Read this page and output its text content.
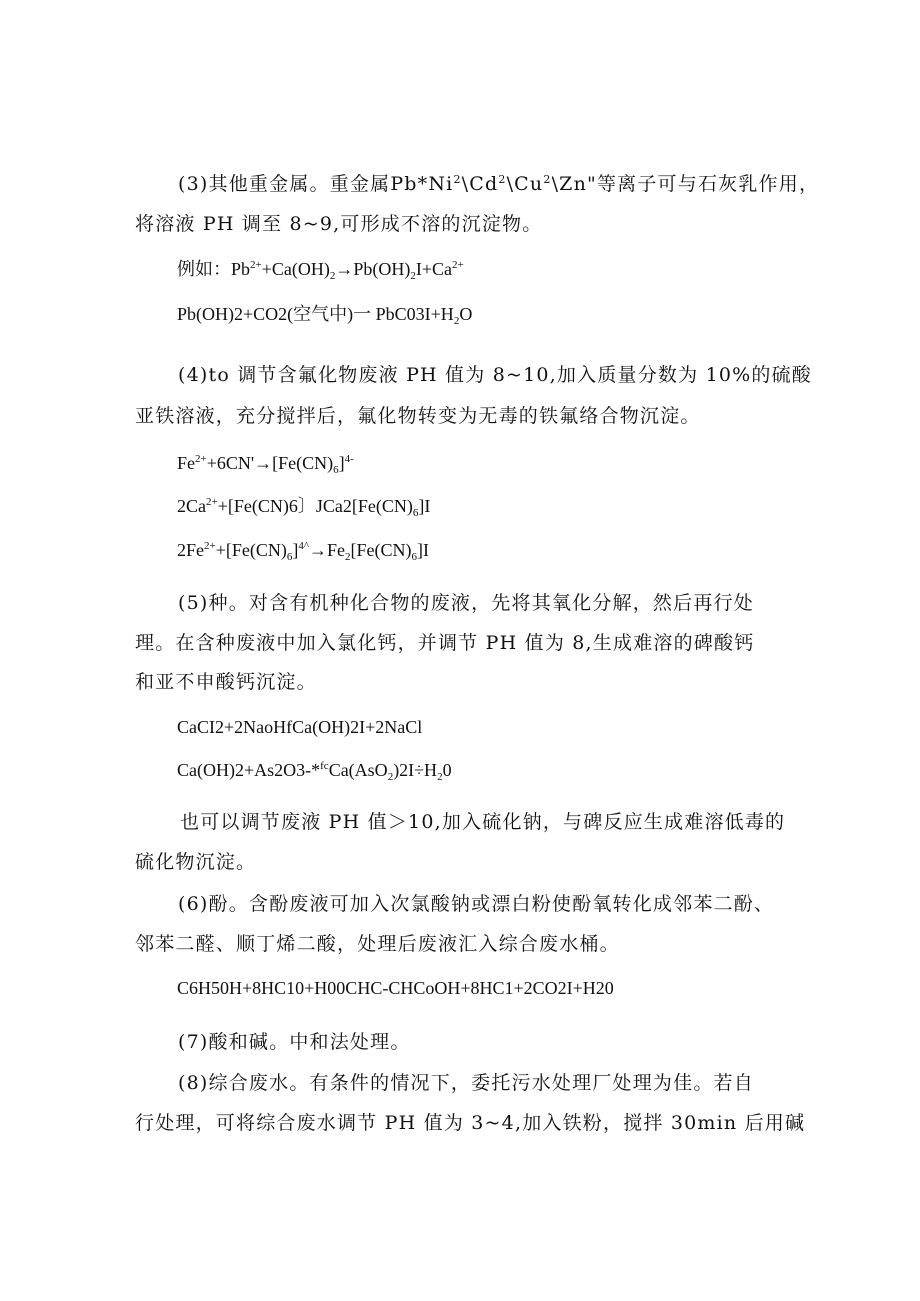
(3)其他重金属。重金属Pb*Ni$^2$\Cd$^2$\Cu$^2$\Zn"等离子可与石灰乳作用，
将溶液 PH 调至 8~9,可形成不溶的沉淀物。
例如：$Pb^{2+}+Ca(OH)_2\to Pb(OH)_2I+Ca^{2+}$
Pb(OH)2+CO2(空气中)一 $PbC03I+H_2O$
(4)to 调节含氟化物废液 PH 值为 8~10,加入质量分数为 10%的硫酸
亚铁溶液，充分搅拌后，氟化物转变为无毒的铁氟络合物沉淀。
$Fe^{2+}+6CN'\to[Fe(CN)_6]^{4-}$
$2Ca^{2+}+[Fe(CN)6$〕$JCa2[Fe(CN)_6]I$
$2Fe^{2+}+[Fe(CN)_6]^{4\^{}}\to Fe_2[Fe(CN)_6]I$
(5)种。对含有机种化合物的废液，先将其氧化分解，然后再行处
理。在含种废液中加入氯化钙，并调节 PH 值为 8,生成难溶的碑酸钙
和亚不申酸钙沉淀。
CaCI2+2NaoHfCa(OH)2I+2NaCl
$Ca(OH)2+As2O3-*^{fc}Ca(AsO_2)2I\div H_20$
也可以调节废液 PH 值＞10,加入硫化钠，与碑反应生成难溶低毒的
硫化物沉淀。
(6)酚。含酚废液可加入次氯酸钠或漂白粉使酚氧转化成邻苯二酚、
邻苯二醛、顺丁烯二酸，处理后废液汇入综合废水桶。
C6H50H+8HC10+H00CHC-CHCoOH+8HC1+2CO2I+H20
(7)酸和碱。中和法处理。
(8)综合废水。有条件的情况下，委托污水处理厂处理为佳。若自
行处理，可将综合废水调节 PH 值为 3~4,加入铁粉，搅拌 30min 后用碱
